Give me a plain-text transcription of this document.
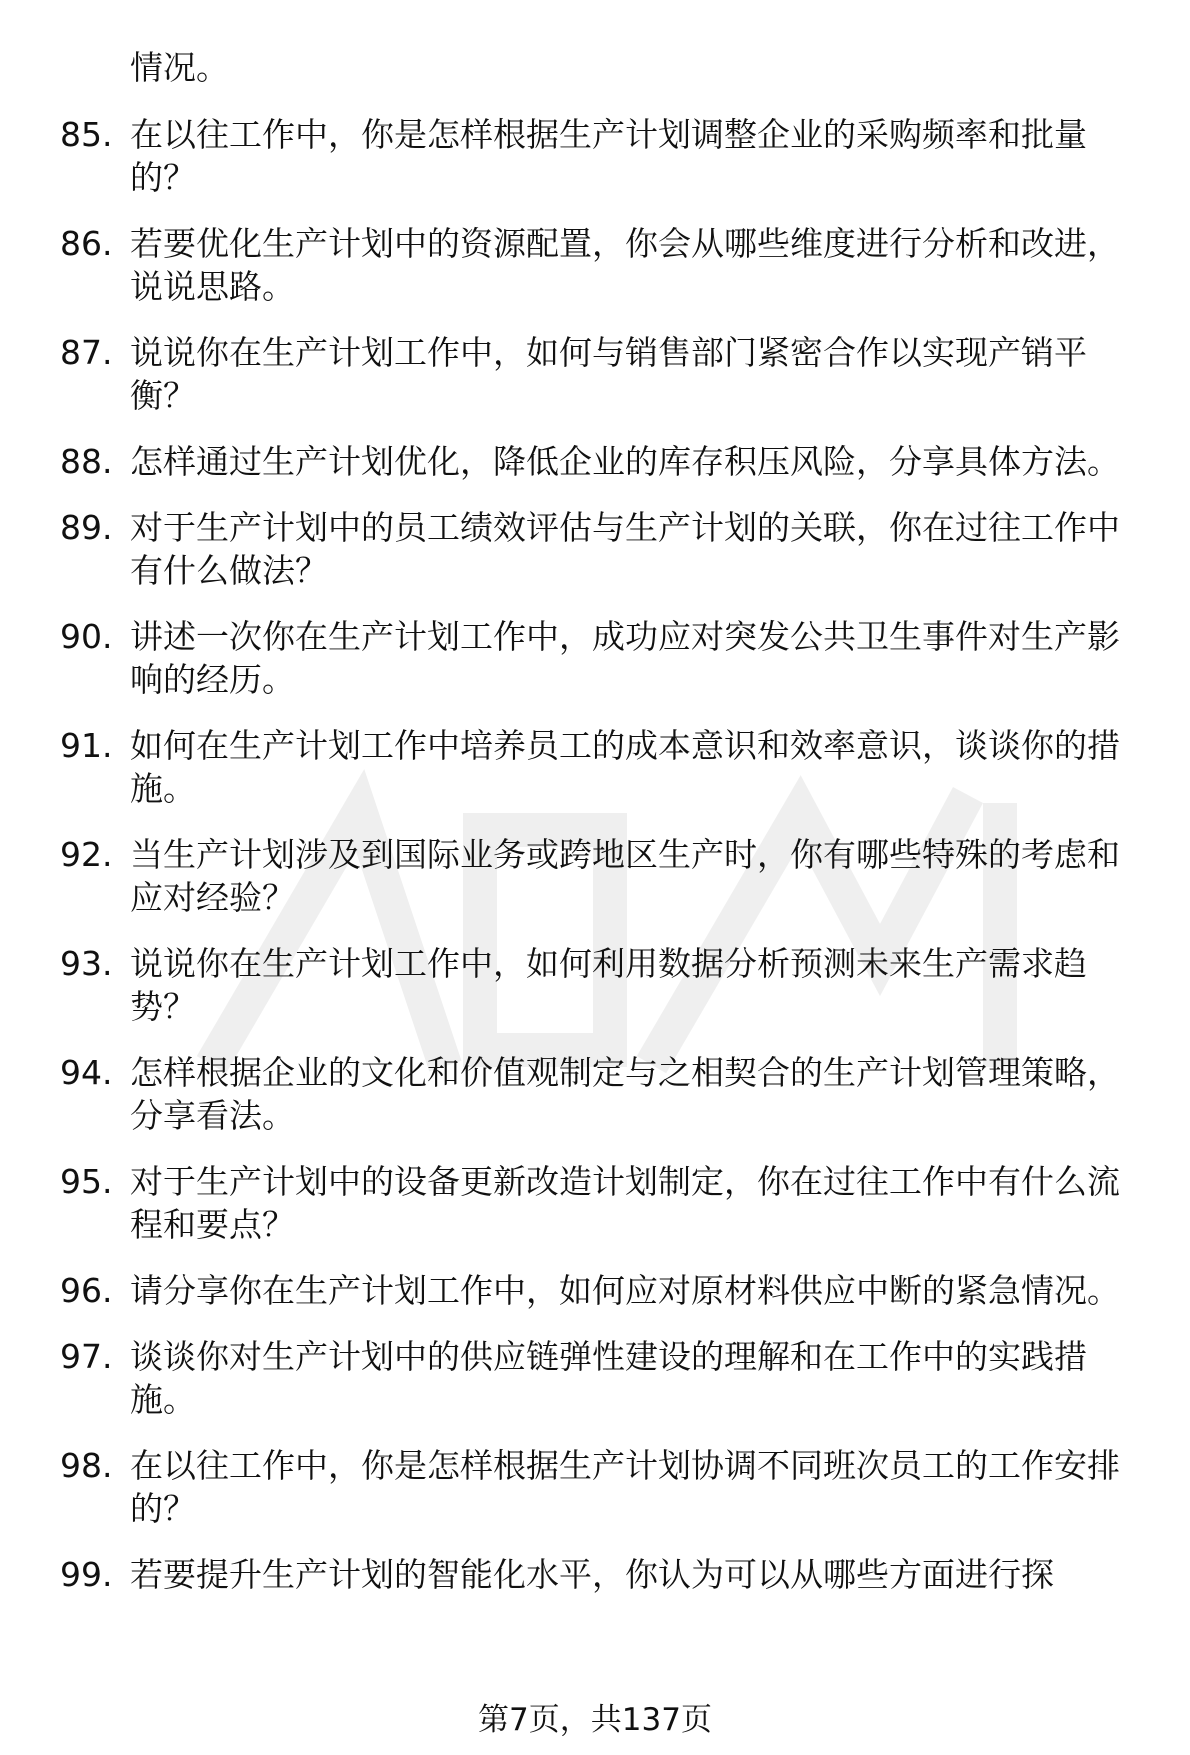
情况。
85. 在以往工作中，你是怎样根据生产计划调整企业的采购频率和批量的？
86. 若要优化生产计划中的资源配置，你会从哪些维度进行分析和改进，说说思路。
87. 说说你在生产计划工作中，如何与销售部门紧密合作以实现产销平衡？
88. 怎样通过生产计划优化，降低企业的库存积压风险，分享具体方法。
89. 对于生产计划中的员工绩效评估与生产计划的关联，你在过往工作中有什么做法？
90. 讲述一次你在生产计划工作中，成功应对突发公共卫生事件对生产影响的经历。
91. 如何在生产计划工作中培养员工的成本意识和效率意识，谈谈你的措施。
92. 当生产计划涉及到国际业务或跨地区生产时，你有哪些特殊的考虑和应对经验？
93. 说说你在生产计划工作中，如何利用数据分析预测未来生产需求趋势？
94. 怎样根据企业的文化和价值观制定与之相契合的生产计划管理策略，分享看法。
95. 对于生产计划中的设备更新改造计划制定，你在过往工作中有什么流程和要点？
96. 请分享你在生产计划工作中，如何应对原材料供应中断的紧急情况。
97. 谈谈你对生产计划中的供应链弹性建设的理解和在工作中的实践措施。
98. 在以往工作中，你是怎样根据生产计划协调不同班次员工的工作安排的？
99. 若要提升生产计划的智能化水平，你认为可以从哪些方面进行探
第7页，共137页
